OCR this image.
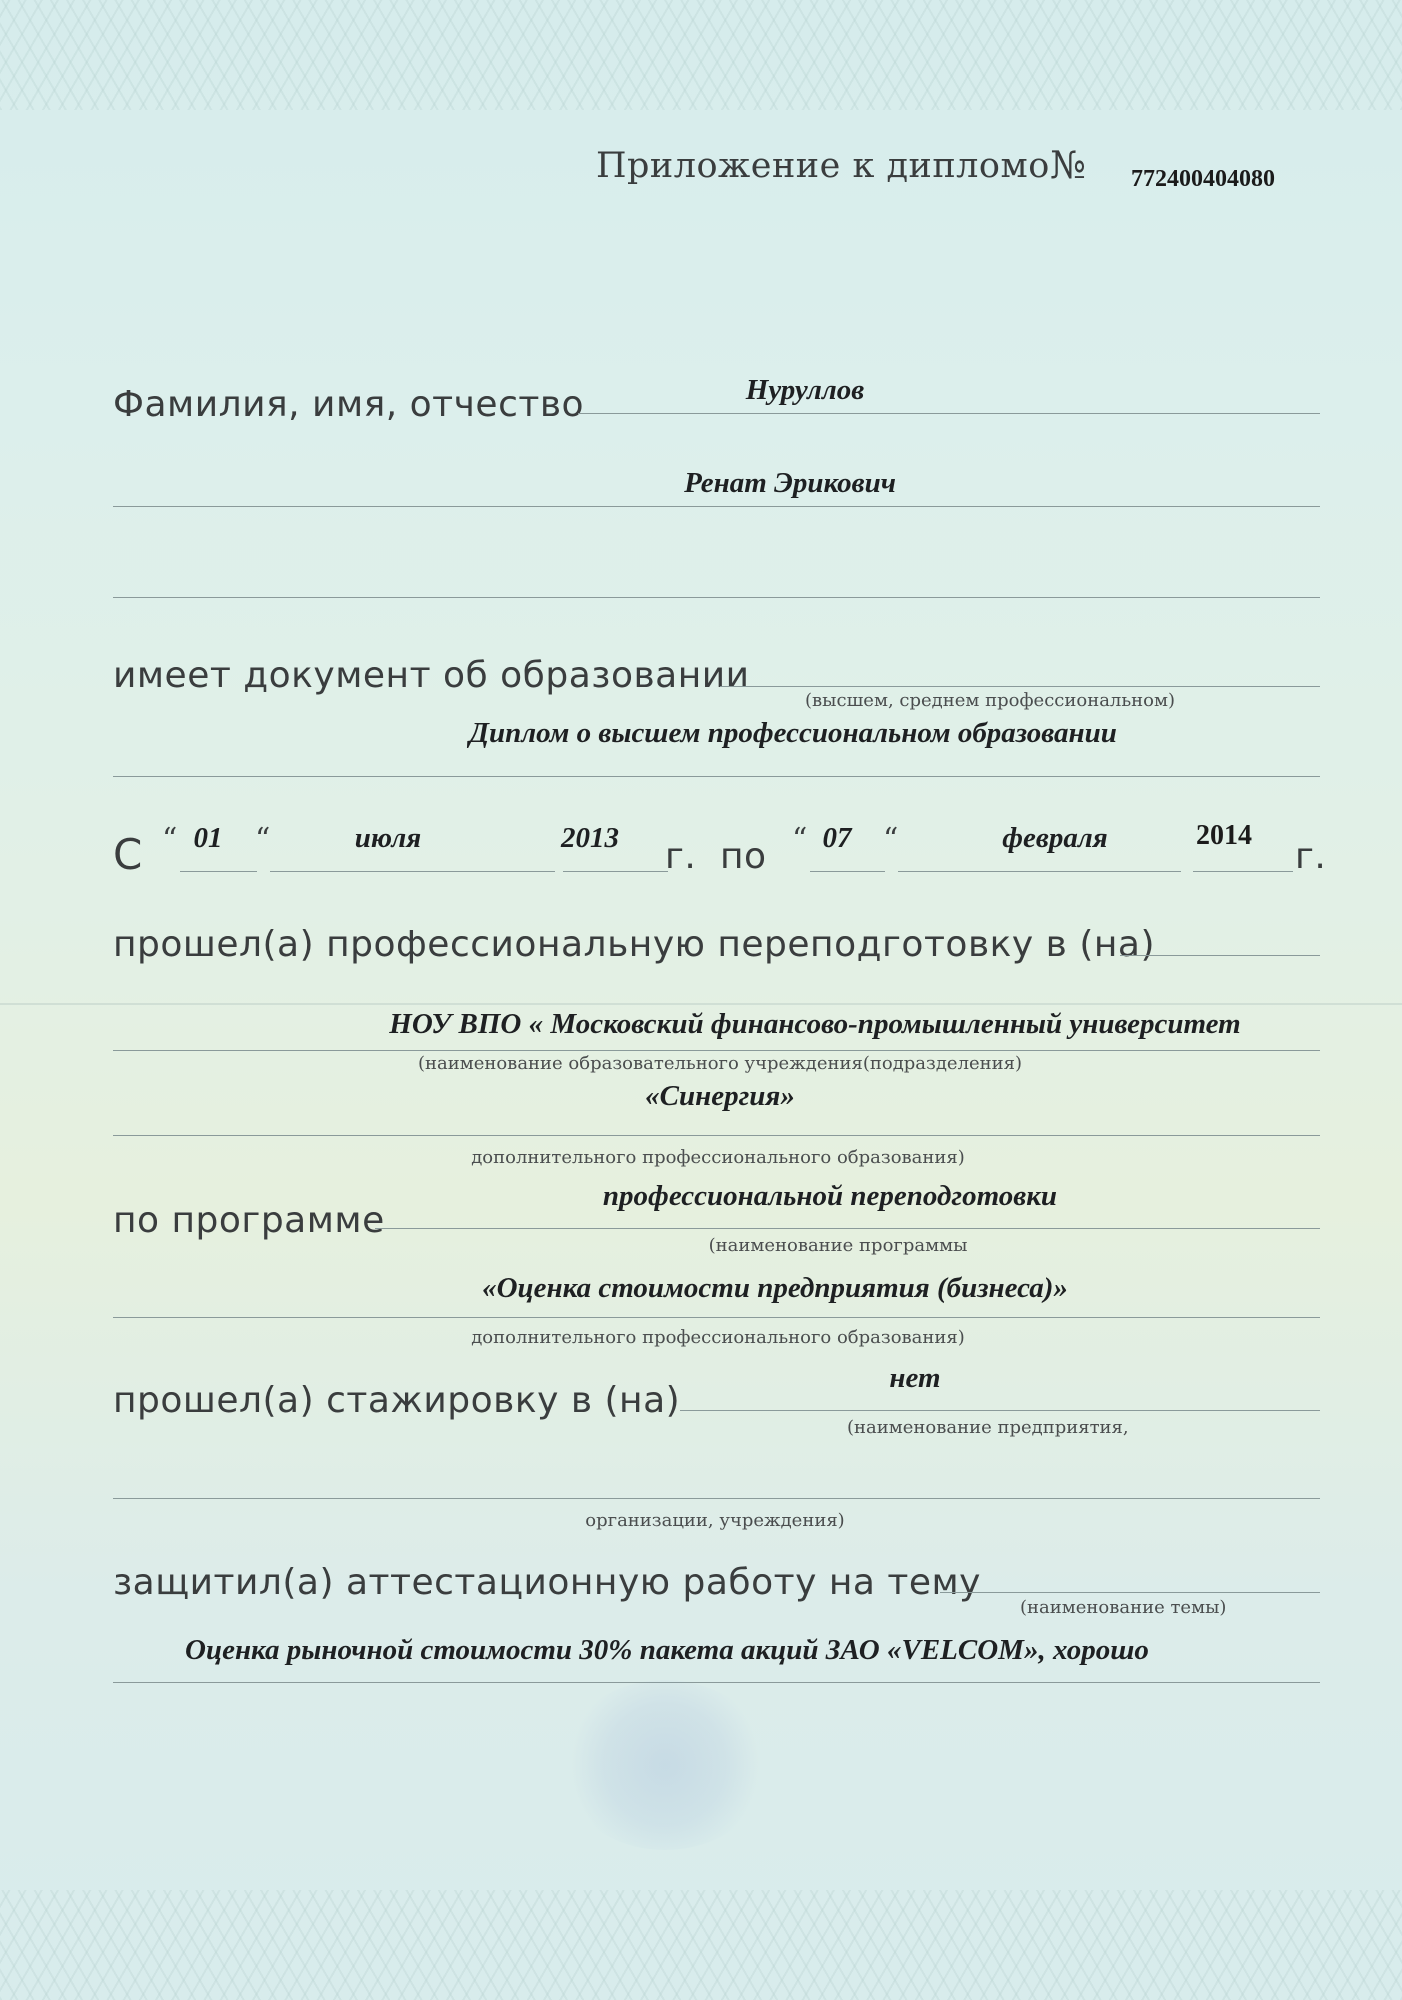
Приложение к дипломо № 772400404080
Фамилия, имя, отчество	Нуруллов
Ренат Эрикович
имеет документ об образовании
(высшем, среднем профессиональном)
Диплом о высшем профессиональном образовании
С “ 01 “	июля	2013 г. по “ 07 “	февраля	2014
г.
прошел(а) профессиональную переподготовку в (на)
НОУ ВПО « Московский финансово-промышленный университет
(наименование образовательного учреждения(подразделения)
«Синергия»
дополнительного профессионального образования)
по программе
профессиональной переподготовки
(наименование программы
«Оценка стоимости предприятия (бизнеса)»
дополнительного профессионального образования)
прошел(а) стажировку в (на)
нет
(наименование предприятия,
организации, учреждения)
защитил(а) аттестационную работу на тему
(наименование темы)
Оценка рыночной стоимости 30% пакета акций ЗАО «VELCOM», хорошо
